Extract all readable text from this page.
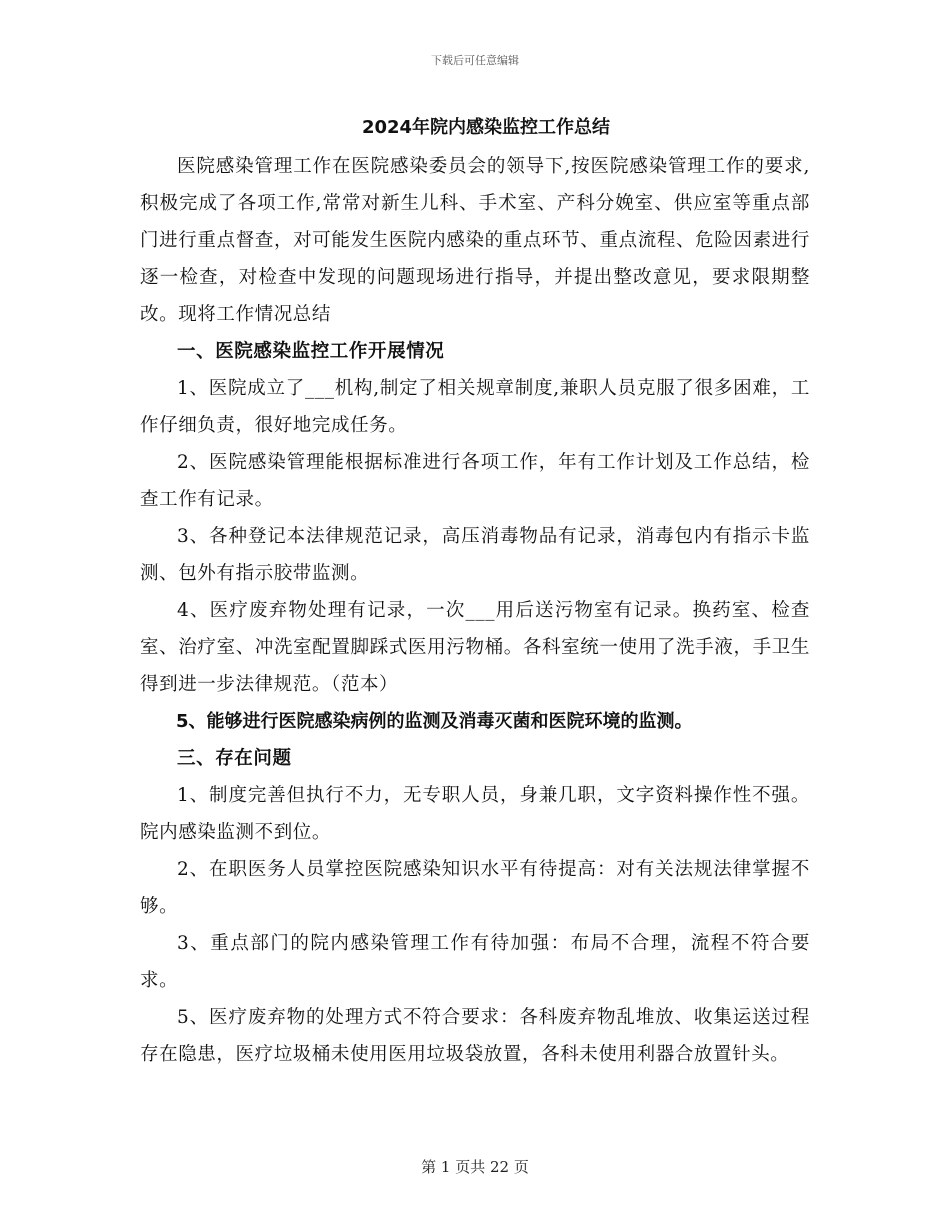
下载后可任意编辑

2024年院内感染监控工作总结

医院感染管理工作在医院感染委员会的领导下,按医院感染管理工作的要求,积极完成了各项工作,常常对新生儿科、手术室、产科分娩室、供应室等重点部门进行重点督查，对可能发生医院内感染的重点环节、重点流程、危险因素进行逐一检查，对检查中发现的问题现场进行指导，并提出整改意见，要求限期整改。现将工作情况总结

一、医院感染监控工作开展情况

1、医院成立了___机构,制定了相关规章制度,兼职人员克服了很多困难，工作仔细负责，很好地完成任务。

2、医院感染管理能根据标准进行各项工作，年有工作计划及工作总结，检查工作有记录。

3、各种登记本法律规范记录，高压消毒物品有记录，消毒包内有指示卡监测、包外有指示胶带监测。

4、医疗废弃物处理有记录，一次___用后送污物室有记录。换药室、检查室、治疗室、冲洗室配置脚踩式医用污物桶。各科室统一使用了洗手液，手卫生得到进一步法律规范。（范本）

5、能够进行医院感染病例的监测及消毒灭菌和医院环境的监测。

三、存在问题

1、制度完善但执行不力，无专职人员，身兼几职，文字资料操作性不强。院内感染监测不到位。

2、在职医务人员掌控医院感染知识水平有待提高：对有关法规法律掌握不够。

3、重点部门的院内感染管理工作有待加强：布局不合理，流程不符合要求。

5、医疗废弃物的处理方式不符合要求：各科废弃物乱堆放、收集运送过程存在隐患，医疗垃圾桶未使用医用垃圾袋放置，各科未使用利器合放置针头。

第 1 页共 22 页
